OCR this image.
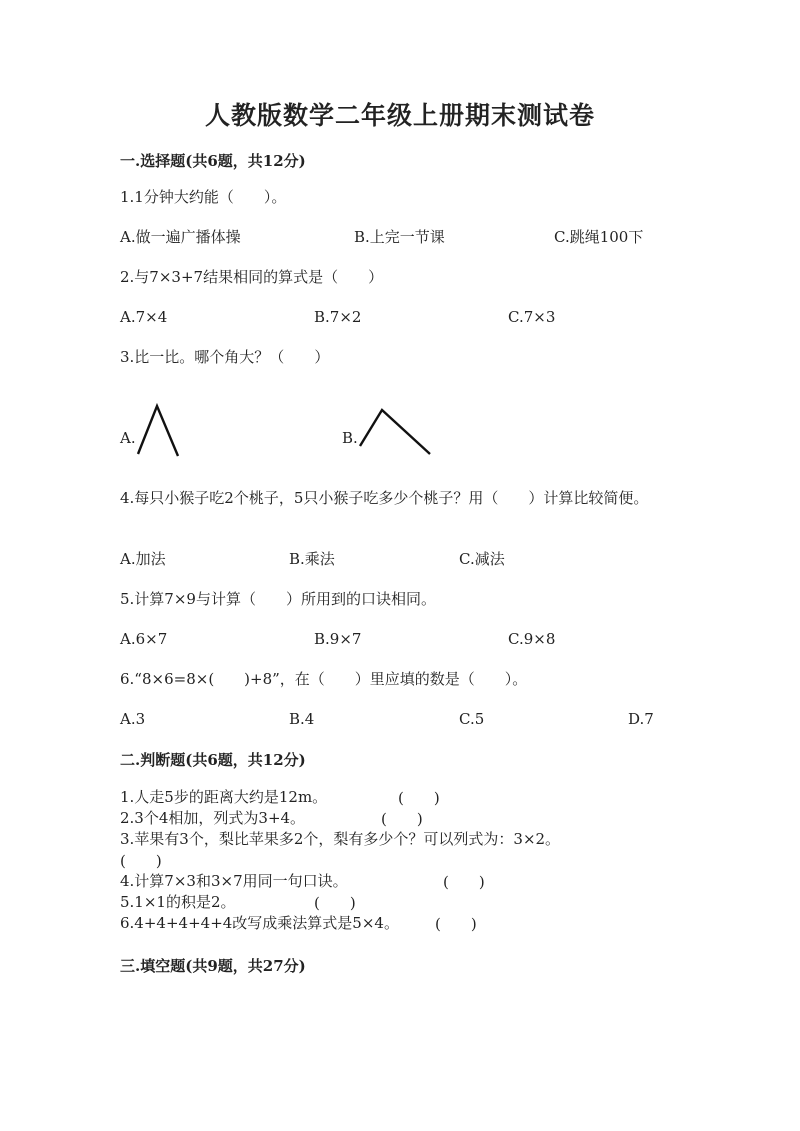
人教版数学二年级上册期末测试卷
一.选择题(共6题，共12分)
1.1分钟大约能（　　）。
A.做一遍广播体操	B.上完一节课	C.跳绳100下
2.与7×3+7结果相同的算式是（　　）
A.7×4	B.7×2	C.7×3
3.比一比。哪个角大？（　　）
A.	B.
4.每只小猴子吃2个桃子，5只小猴子吃多少个桃子？用（　　）计算比较简便。
A.加法	B.乘法	C.减法
5.计算7×9与计算（　　）所用到的口诀相同。
A.6×7	B.9×7	C.9×8
6.“8×6=8×(　　)+8”，在（　　）里应填的数是（　　）。
A.3	B.4	C.5	D.7
二.判断题(共6题，共12分)
1.人走5步的距离大约是12m。	(　　)
2.3个4相加，列式为3+4。	(　　)
3.苹果有3个，梨比苹果多2个，梨有多少个？可以列式为：3×2。
(　　)
4.计算7×3和3×7用同一句口诀。	(　　)
5.1×1的积是2。	(　　)
6.4+4+4+4+4改写成乘法算式是5×4。 (　　)
三.填空题(共9题，共27分)
